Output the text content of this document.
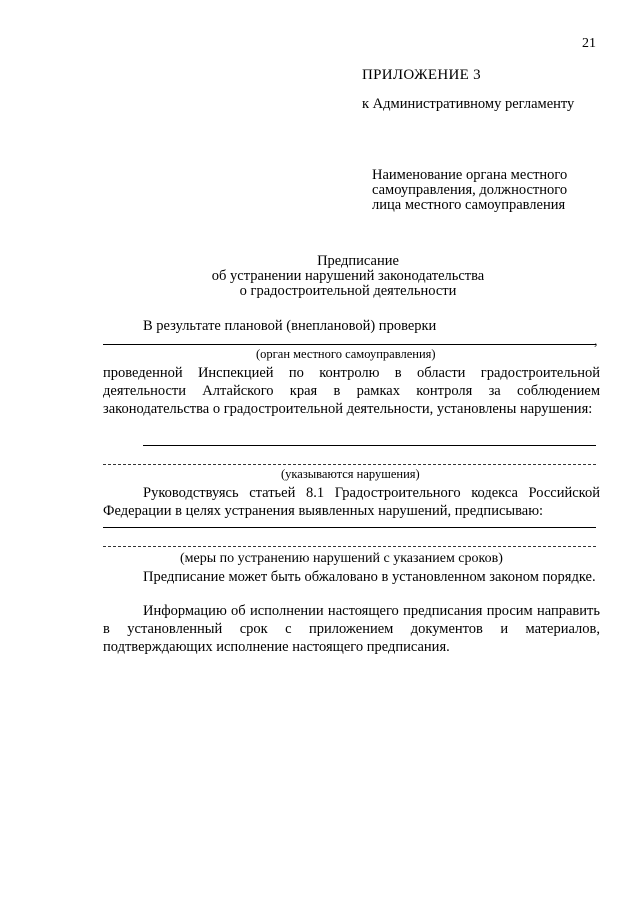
21
ПРИЛОЖЕНИЕ 3
к Административному регламенту
Наименование органа местного
самоуправления, должностного
лица местного самоуправления
Предписание
об устранении нарушений законодательства
о градостроительной деятельности
В результате плановой (внеплановой) проверки
,
(орган местного самоуправления)
проведенной Инспекцией по контролю в области градостроительной деятельности Алтайского края в рамках контроля за соблюдением законодательства о градостроительной деятельности, установлены нарушения:
(указываются нарушения)
Руководствуясь статьей 8.1 Градостроительного кодекса Российской Федерации в целях устранения выявленных нарушений, предписываю:
(меры по устранению нарушений с указанием сроков)
Предписание может быть обжаловано в установленном законом порядке.
Информацию об исполнении настоящего предписания просим направить в установленный срок с приложением документов и материалов, подтверждающих исполнение настоящего предписания.
